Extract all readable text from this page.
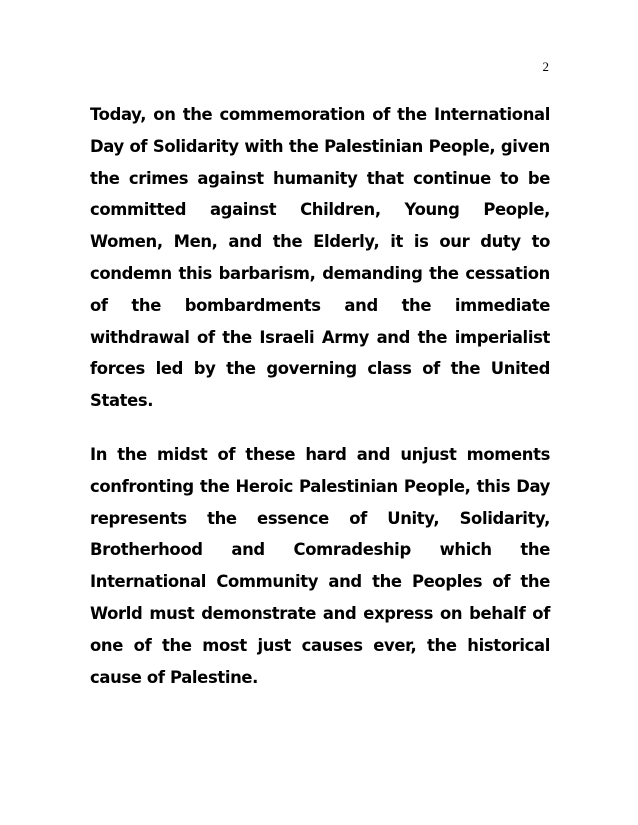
2

Today, on the commemoration of the International Day of Solidarity with the Palestinian People, given the crimes against humanity that continue to be committed against Children, Young People, Women, Men, and the Elderly, it is our duty to condemn this barbarism, demanding the cessation of the bombardments and the immediate withdrawal of the Israeli Army and the imperialist forces led by the governing class of the United States.

In the midst of these hard and unjust moments confronting the Heroic Palestinian People, this Day represents the essence of Unity, Solidarity, Brotherhood and Comradeship which the International Community and the Peoples of the World must demonstrate and express on behalf of one of the most just causes ever, the historical cause of Palestine.
